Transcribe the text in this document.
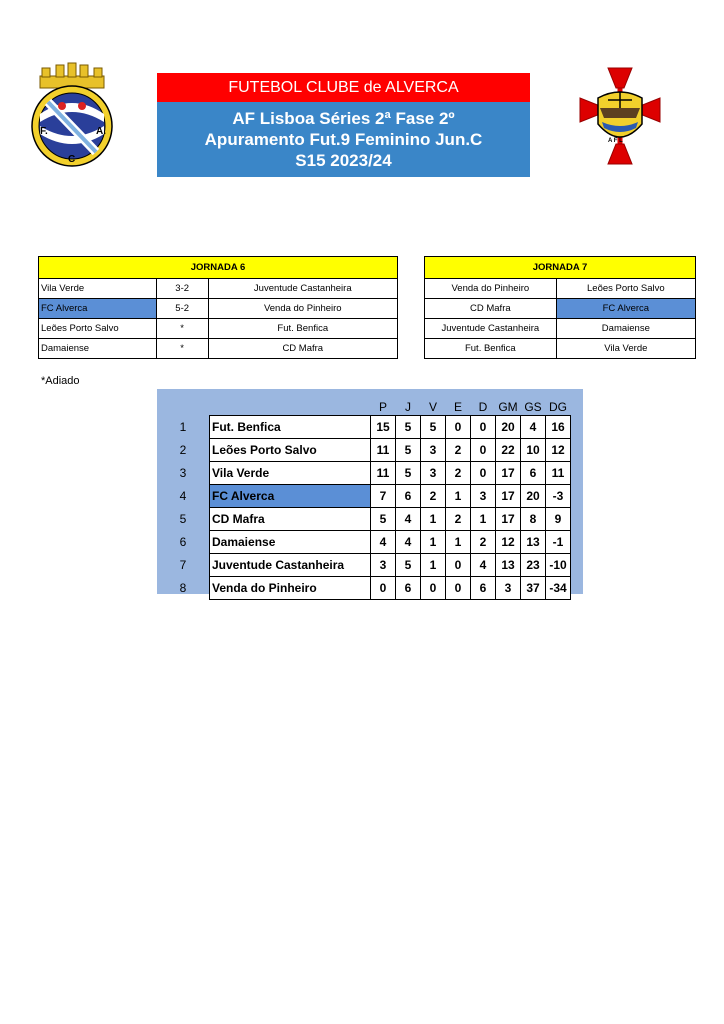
F.	A.
C
A F L
FUTEBOL CLUBE de ALVERCA
AF Lisboa Séries 2ª Fase 2º
Apuramento Fut.9 Feminino Jun.C
S15 2023/24
JORNADA 6		
Vila Verde	3-2	Juventude Castanheira
FC Alverca	5-2	Venda do Pinheiro
Leões Porto Salvo	*	Fut. Benfica
Damaiense	*	CD Mafra
JORNADA 7	
Venda do Pinheiro	Leões Porto Salvo
CD Mafra	FC Alverca
Juventude Castanheira	Damaiense
Fut. Benfica	Vila Verde
*Adiado
		P	J	V	E	D	GM	GS	DG
1	Fut. Benfica	15	5	5	0	0	20	4	16
2	Leões Porto Salvo	11	5	3	2	0	22	10	12
3	Vila Verde	11	5	3	2	0	17	6	11
4	FC Alverca	7	6	2	1	3	17	20	-3
5	CD Mafra	5	4	1	2	1	17	8	9
6	Damaiense	4	4	1	1	2	12	13	-1
7	Juventude Castanheira	3	5	1	0	4	13	23	-10
8	Venda do Pinheiro	0	6	0	0	6	3	37	-34
